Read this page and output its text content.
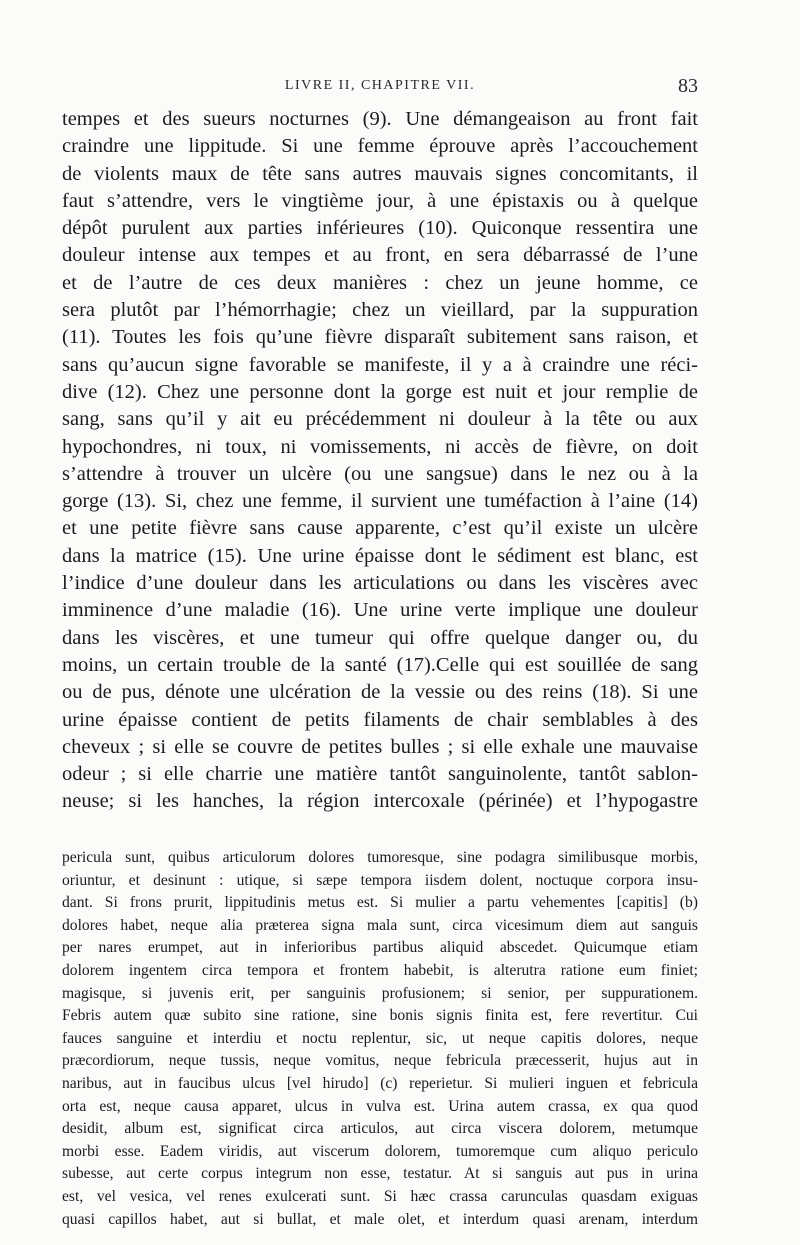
LIVRE II, CHAPITRE VII.	83
tempes et des sueurs nocturnes (9). Une démangeaison au front fait
craindre une lippitude. Si une femme éprouve après l’accouchement
de violents maux de tête sans autres mauvais signes concomitants, il
faut s’attendre, vers le vingtième jour, à une épistaxis ou à quelque
dépôt purulent aux parties inférieures (10). Quiconque ressentira une
douleur intense aux tempes et au front, en sera débarrassé de l’une
et de l’autre de ces deux manières : chez un jeune homme, ce
sera plutôt par l’hémorrhagie; chez un vieillard, par la suppuration
(11). Toutes les fois qu’une fièvre disparaît subitement sans raison, et
sans qu’aucun signe favorable se manifeste, il y a à craindre une réci-
dive (12). Chez une personne dont la gorge est nuit et jour remplie de
sang, sans qu’il y ait eu précédemment ni douleur à la tête ou aux
hypochondres, ni toux, ni vomissements, ni accès de fièvre, on doit
s’attendre à trouver un ulcère (ou une sangsue) dans le nez ou à la
gorge (13). Si, chez une femme, il survient une tuméfaction à l’aine (14)
et une petite fièvre sans cause apparente, c’est qu’il existe un ulcère
dans la matrice (15). Une urine épaisse dont le sédiment est blanc, est
l’indice d’une douleur dans les articulations ou dans les viscères avec
imminence d’une maladie (16). Une urine verte implique une douleur
dans les viscères, et une tumeur qui offre quelque danger ou, du
moins, un certain trouble de la santé (17).Celle qui est souillée de sang
ou de pus, dénote une ulcération de la vessie ou des reins (18). Si une
urine épaisse contient de petits filaments de chair semblables à des
cheveux ; si elle se couvre de petites bulles ; si elle exhale une mauvaise
odeur ; si elle charrie une matière tantôt sanguinolente, tantôt sablon-
neuse; si les hanches, la région intercoxale (périnée) et l’hypogastre
pericula sunt, quibus articulorum dolores tumoresque, sine podagra similibusque morbis,
oriuntur, et desinunt : utique, si sæpe tempora iisdem dolent, noctuque corpora insu-
dant. Si frons prurit, lippitudinis metus est. Si mulier a partu vehementes [capitis] (b)
dolores habet, neque alia præterea signa mala sunt, circa vicesimum diem aut sanguis
per nares erumpet, aut in inferioribus partibus aliquid abscedet. Quicumque etiam
dolorem ingentem circa tempora et frontem habebit, is alterutra ratione eum finiet;
magisque, si juvenis erit, per sanguinis profusionem; si senior, per suppurationem.
Febris autem quæ subito sine ratione, sine bonis signis finita est, fere revertitur. Cui
fauces sanguine et interdiu et noctu replentur, sic, ut neque capitis dolores, neque
præcordiorum, neque tussis, neque vomitus, neque febricula præcesserit, hujus aut in
naribus, aut in faucibus ulcus [vel hirudo] (c) reperietur. Si mulieri inguen et febricula
orta est, neque causa apparet, ulcus in vulva est. Urina autem crassa, ex qua quod
desidit, album est, significat circa articulos, aut circa viscera dolorem, metumque
morbi esse. Eadem viridis, aut viscerum dolorem, tumoremque cum aliquo periculo
subesse, aut certe corpus integrum non esse, testatur. At si sanguis aut pus in urina
est, vel vesica, vel renes exulcerati sunt. Si hæc crassa carunculas quasdam exiguas
quasi capillos habet, aut si bullat, et male olet, et interdum quasi arenam, interdum
